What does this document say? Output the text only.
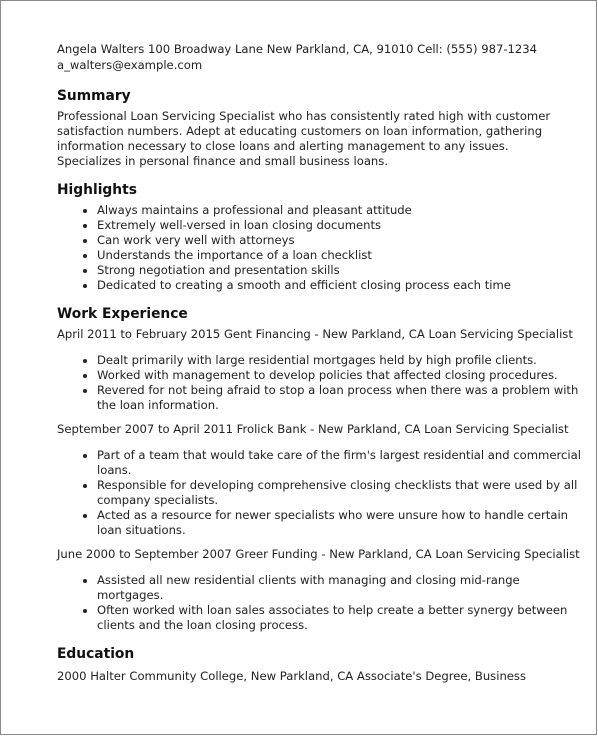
Angela Walters 100 Broadway Lane New Parkland, CA, 91010 Cell: (555) 987-1234
a_walters@example.com
Summary

Professional Loan Servicing Specialist who has consistently rated high with customer satisfaction numbers. Adept at educating customers on loan information, gathering information necessary to close loans and alerting management to any issues. Specializes in personal finance and small business loans.

Highlights
• Always maintains a professional and pleasant attitude
• Extremely well-versed in loan closing documents
• Can work very well with attorneys
• Understands the importance of a loan checklist
• Strong negotiation and presentation skills
• Dedicated to creating a smooth and efficient closing process each time
Work Experience
April 2011 to February 2015 Gent Financing - New Parkland, CA Loan Servicing Specialist
• Dealt primarily with large residential mortgages held by high profile clients.
• Worked with management to develop policies that affected closing procedures.
• Revered for not being afraid to stop a loan process when there was a problem with the loan information.
September 2007 to April 2011 Frolick Bank - New Parkland, CA Loan Servicing Specialist
• Part of a team that would take care of the firm's largest residential and commercial loans.
• Responsible for developing comprehensive closing checklists that were used by all company specialists.
• Acted as a resource for newer specialists who were unsure how to handle certain loan situations.
June 2000 to September 2007 Greer Funding - New Parkland, CA Loan Servicing Specialist
• Assisted all new residential clients with managing and closing mid-range mortgages.
• Often worked with loan sales associates to help create a better synergy between clients and the loan closing process.
Education
2000 Halter Community College, New Parkland, CA Associate's Degree, Business
